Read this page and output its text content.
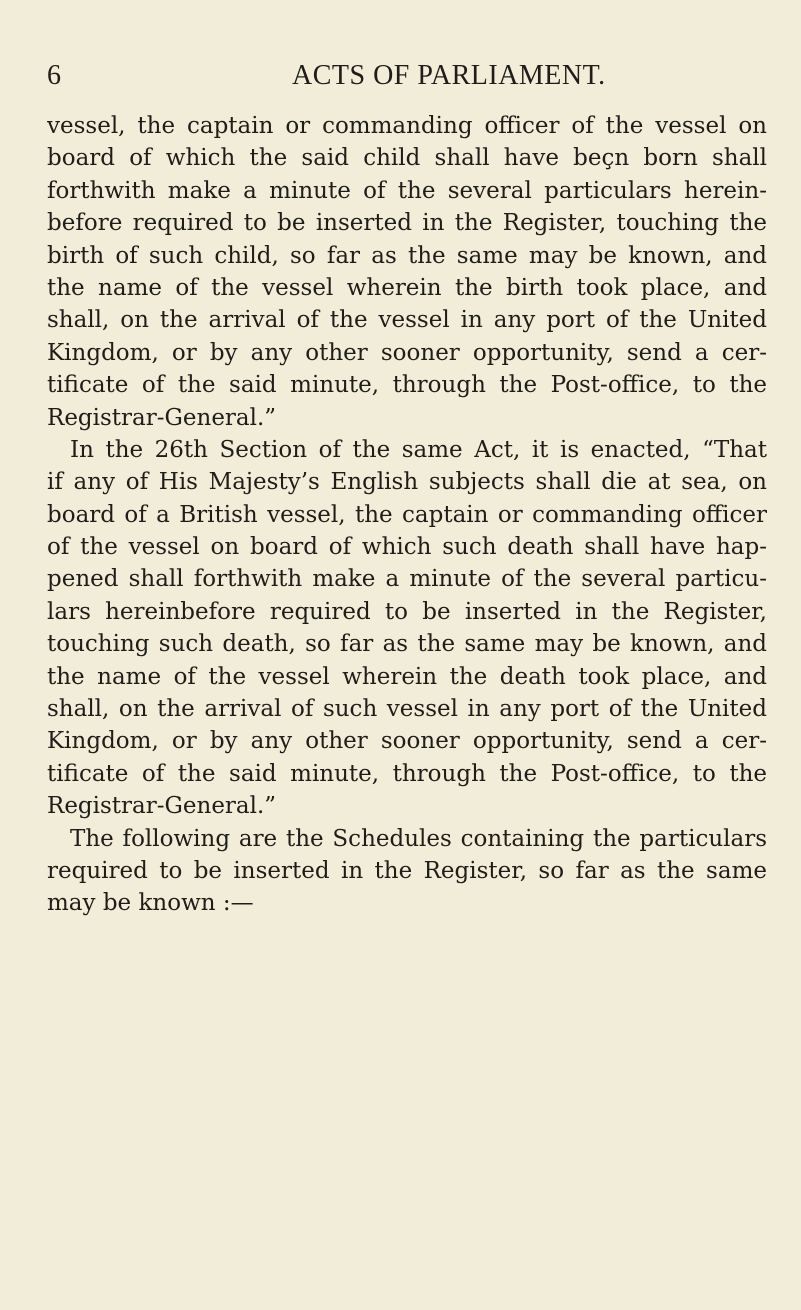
6	ACTS OF PARLIAMENT.
vessel, the captain or commanding officer of the vessel on
board of which the said child shall have beçn born shall
forthwith make a minute of the several particulars herein-
before required to be inserted in the Register, touching the
birth of such child, so far as the same may be known, and
the name of the vessel wherein the birth took place, and
shall, on the arrival of the vessel in any port of the United
Kingdom, or by any other sooner opportunity, send a cer-
tificate of the said minute, through the Post-office, to the
Registrar-General.”
In the 26th Section of the same Act, it is enacted, “That
if any of His Majesty’s English subjects shall die at sea, on
board of a British vessel, the captain or commanding officer
of the vessel on board of which such death shall have hap-
pened shall forthwith make a minute of the several particu-
lars hereinbefore required to be inserted in the Register,
touching such death, so far as the same may be known, and
the name of the vessel wherein the death took place, and
shall, on the arrival of such vessel in any port of the United
Kingdom, or by any other sooner opportunity, send a cer-
tificate of the said minute, through the Post-office, to the
Registrar-General.”
The following are the Schedules containing the particulars
required to be inserted in the Register, so far as the same
may be known :—
